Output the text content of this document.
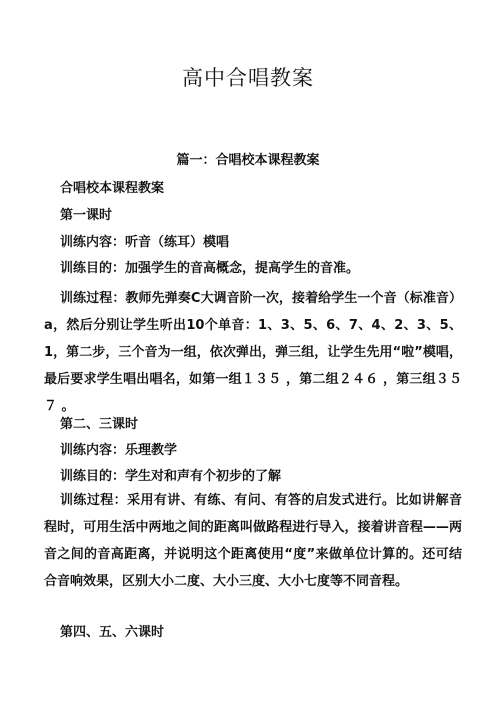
高中合唱教案
篇一：合唱校本课程教案
合唱校本课程教案
第一课时
训练内容：听音（练耳）模唱
训练目的：加强学生的音高概念，提高学生的音准。
训练过程：教师先弹奏C大调音阶一次，接着给学生一个音（标准音）a，然后分别让学生听出10个单音：1、3、5、6、7、4、2、3、5、1，第二步，三个音为一组，依次弹出，弹三组，让学生先用“啦”模唱，最后要求学生唱出唱名，如第一组１３５ ，第二组２４６ ，第三组３５７ 。
第二、三课时
训练内容：乐理教学
训练目的：学生对和声有个初步的了解
训练过程：采用有讲、有练、有问、有答的启发式进行。比如讲解音程时，可用生活中两地之间的距离叫做路程进行导入，接着讲音程——两音之间的音高距离，并说明这个距离使用“度”来做单位计算的。还可结合音响效果，区别大小二度、大小三度、大小七度等不同音程。
第四、五、六课时
